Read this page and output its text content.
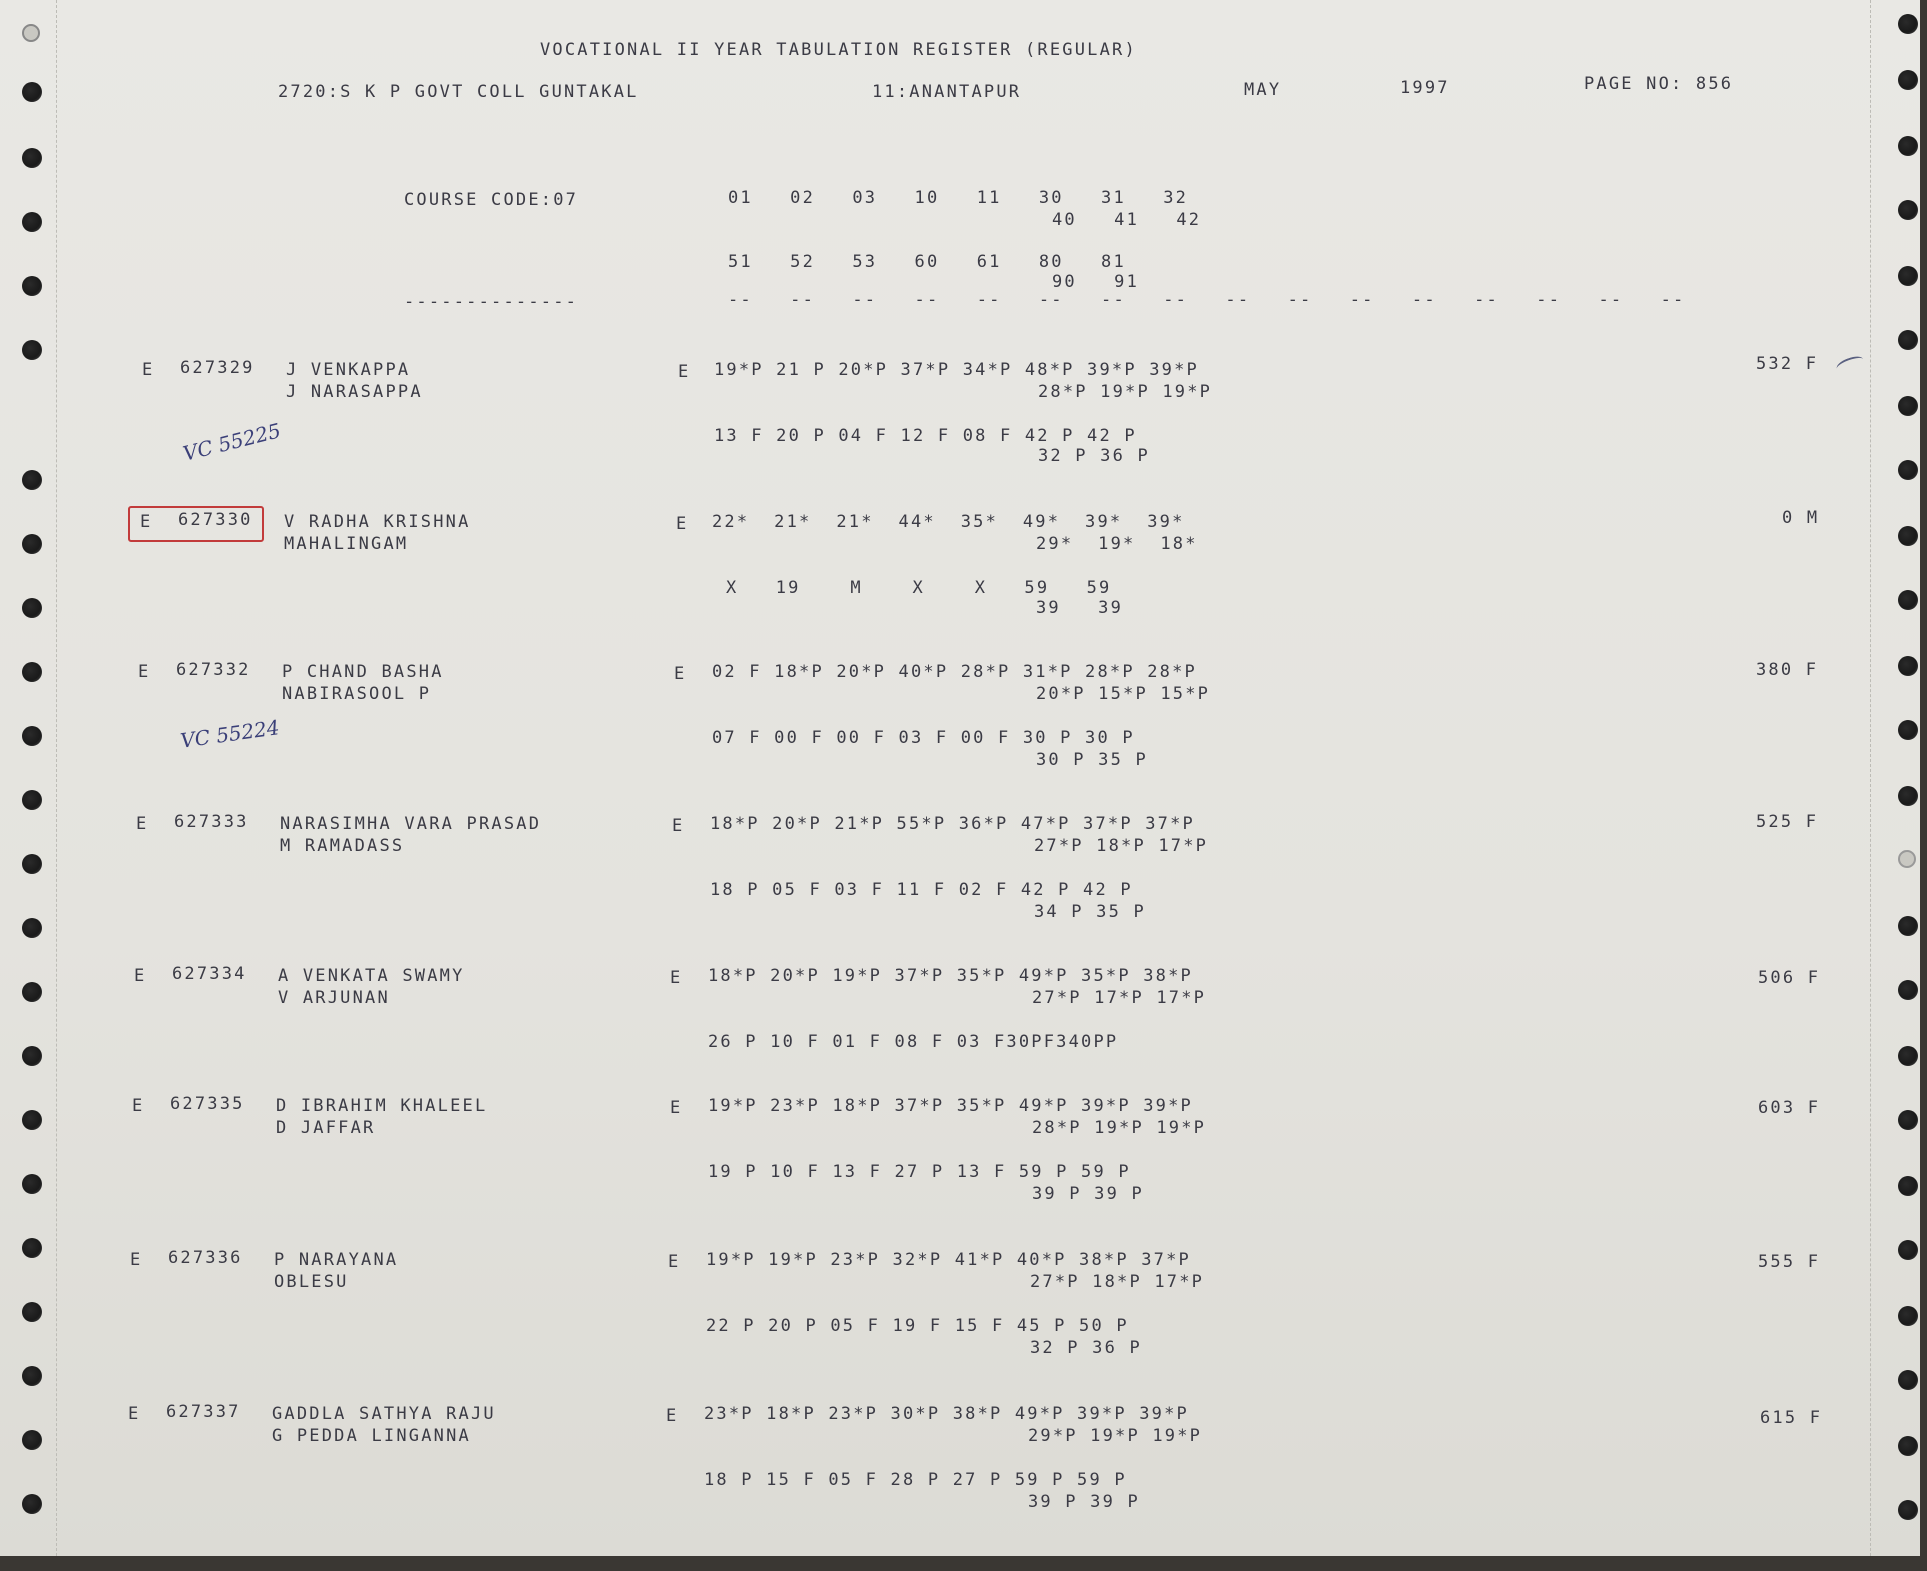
VOCATIONAL II YEAR TABULATION REGISTER (REGULAR)
2720:S K P GOVT COLL GUNTAKAL	11:ANANTAPUR	MAY	1997	PAGE NO: 856
COURSE CODE:07	01   02   03   10   11   30   31   32
40   41   42
51   52   53   60   61   80   81
90   91
--------------	--   --   --   --   --   --   --   --   --   --   --   --   --   --   --   --
E 627329 J VENKAPPA
J NARASAPPA
E 19*P 21 P 20*P 37*P 34*P 48*P 39*P 39*P
28*P 19*P 19*P
13 F 20 P 04 F 12 F 08 F 42 P 42 P
32 P 36 P
532 F
VC 55225
E 627330 V RADHA KRISHNA
MAHALINGAM
E 22*  21*  21*  44*  35*  49*  39*  39*
29*  19*  18*
X   19    M    X    X   59   59
39   39
0 M
E 627332 P CHAND BASHA
NABIRASOOL P
E 02 F 18*P 20*P 40*P 28*P 31*P 28*P 28*P
20*P 15*P 15*P
07 F 00 F 00 F 03 F 00 F 30 P 30 P
30 P 35 P
380 F
VC 55224
E 627333 NARASIMHA VARA PRASAD
M RAMADASS
E 18*P 20*P 21*P 55*P 36*P 47*P 37*P 37*P
27*P 18*P 17*P
18 P 05 F 03 F 11 F 02 F 42 P 42 P
34 P 35 P
525 F
E 627334 A VENKATA SWAMY
V ARJUNAN
E 18*P 20*P 19*P 37*P 35*P 49*P 35*P 38*P
27*P 17*P 17*P
26 P 10 F 01 F 08 F 03 F30PF340PP
506 F
E 627335 D IBRAHIM KHALEEL
D JAFFAR
E 19*P 23*P 18*P 37*P 35*P 49*P 39*P 39*P
28*P 19*P 19*P
19 P 10 F 13 F 27 P 13 F 59 P 59 P
39 P 39 P
603 F
E 627336 P NARAYANA
OBLESU
E 19*P 19*P 23*P 32*P 41*P 40*P 38*P 37*P
27*P 18*P 17*P
22 P 20 P 05 F 19 F 15 F 45 P 50 P
32 P 36 P
555 F
E 627337 GADDLA SATHYA RAJU
G PEDDA LINGANNA
E 23*P 18*P 23*P 30*P 38*P 49*P 39*P 39*P
29*P 19*P 19*P
18 P 15 F 05 F 28 P 27 P 59 P 59 P
39 P 39 P
615 F
